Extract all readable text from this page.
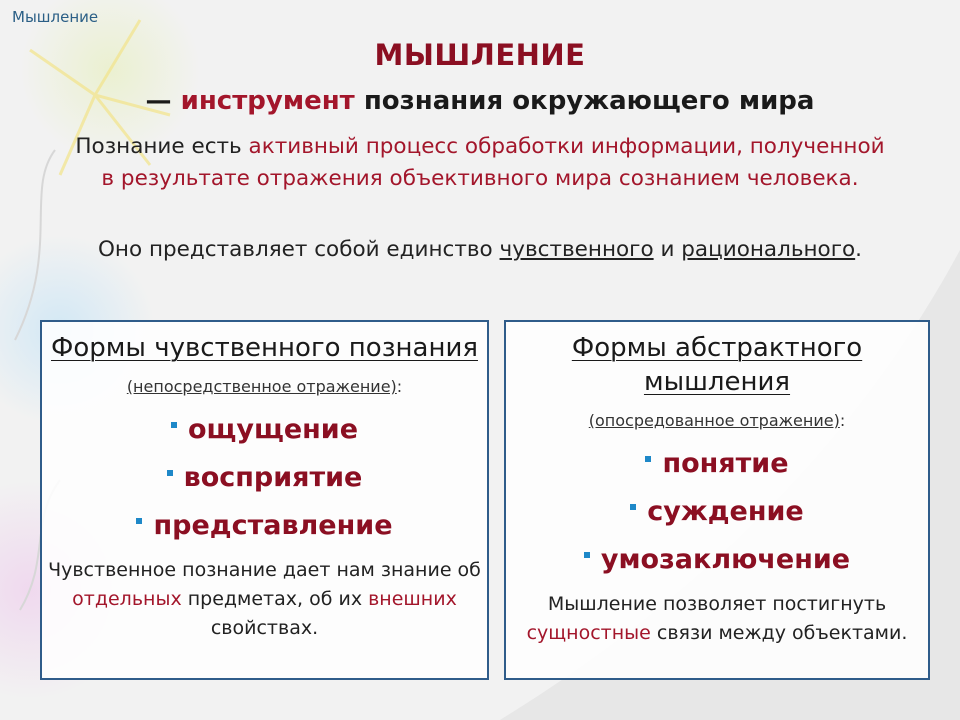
Мышление
МЫШЛЕНИЕ
— инструмент познания окружающего мира
Познание есть активный процесс обработки информации, полученной в результате отражения объективного мира сознанием человека.
Оно представляет собой единство чувственного и рационального.
Формы чувственного познания
(непосредственное отражение):
ощущение
восприятие
представление
Чувственное познание дает нам знание об отдельных предметах, об их внешних свойствах.
Формы абстрактного мышления
(опосредованное отражение):
понятие
суждение
умозаключение
Мышление позволяет постигнуть сущностные связи между объектами.
